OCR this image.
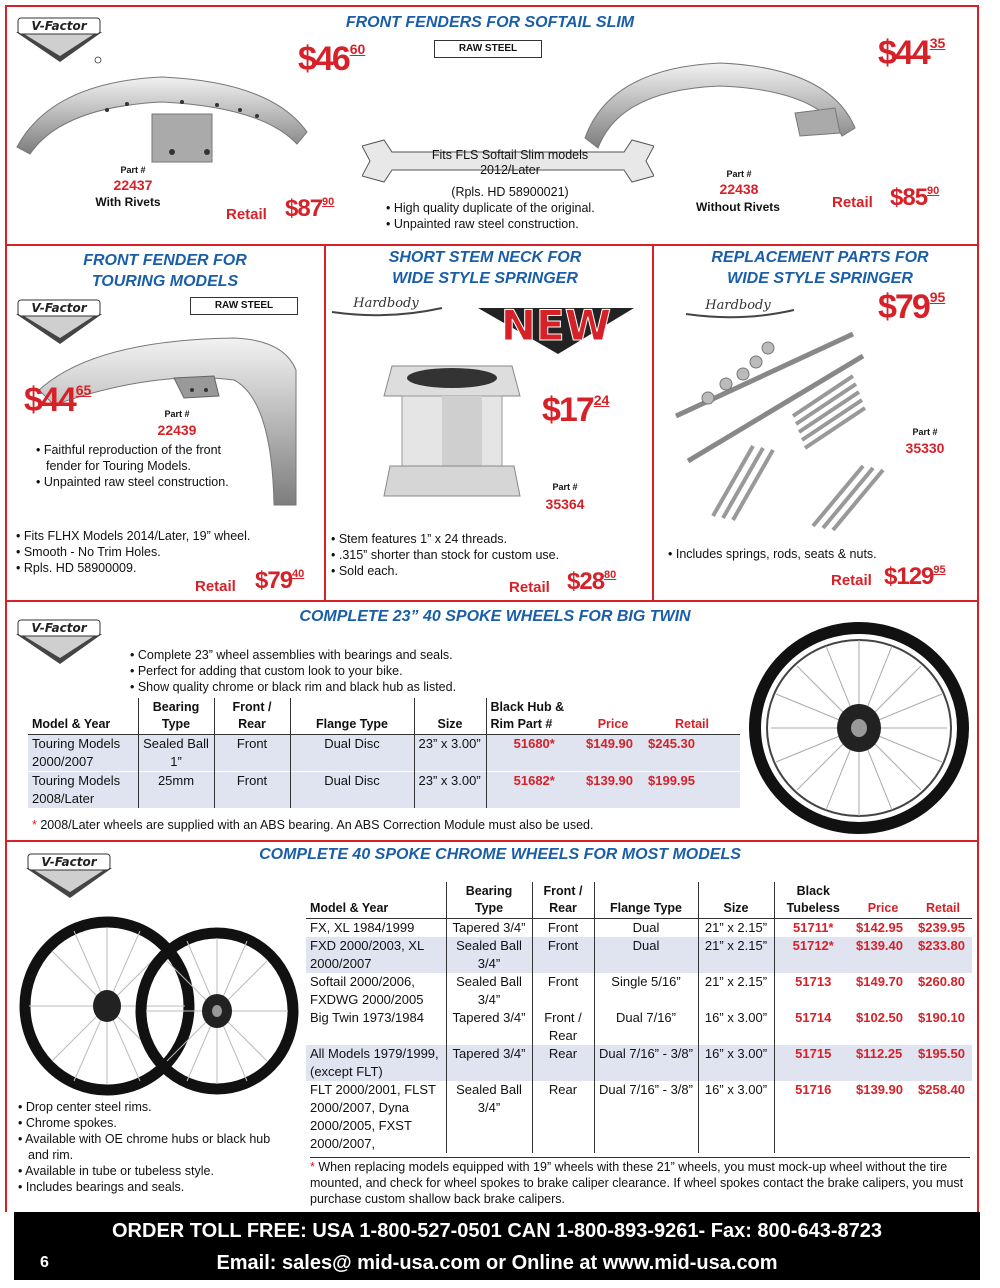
FRONT FENDERS FOR SOFTAIL SLIM
V-Factor
$4660	RAW STEEL	$4435
Part #
22437
With Rivets
Retail $\$87^{90}$
Fits FLS Softail Slim models
2012/Later
(Rpls. HD 58900021)
• High quality duplicate of the original.
• Unpainted raw steel construction.
Part #
22438
Without Rivets	Retail $\$85^{90}$
FRONT FENDER FOR
TOURING MODELS
V-Factor	RAW STEEL
$4465
Part #
22439
• Faithful reproduction of the front fender for Touring Models.
• Unpainted raw steel construction.
• Fits FLHX Models 2014/Later, 19” wheel.
• Smooth - No Trim Holes.
• Rpls. HD 58900009.
Retail $\$79^{40}$
SHORT STEM NECK FOR
WIDE STYLE SPRINGER
Hardbody NEW
$1724
Part #
35364
• Stem features 1” x 24 threads.
• .315” shorter than stock for custom use.
• Sold each.
Retail $\$28^{80}$
REPLACEMENT PARTS FOR
WIDE STYLE SPRINGER
Hardbody	$7995
Part #
35330
• Includes springs, rods, seats & nuts.
Retail $\$129^{95}$
COMPLETE 23” 40 SPOKE WHEELS FOR BIG TWIN
V-Factor
• Complete 23” wheel assemblies with bearings and seals.
• Perfect for adding that custom look to your bike.
• Show quality chrome or black rim and black hub as listed.
Model & Year	Bearing Type	Front / Rear	Flange Type	Size	Black Hub & Rim Part #	Price	Retail
Touring Models 2000/2007	Sealed Ball 1”	Front	Dual Disc	23” x 3.00”	51680*	$149.90	$245.30
Touring Models 2008/Later	25mm	Front	Dual Disc	23” x 3.00”	51682*	$139.90	$199.95
* 2008/Later wheels are supplied with an ABS bearing. An ABS Correction Module must also be used.
COMPLETE 40 SPOKE CHROME WHEELS FOR MOST MODELS
V-Factor
• Drop center steel rims.
• Chrome spokes.
• Available with OE chrome hubs or black hub and rim.
• Available in tube or tubeless style.
• Includes bearings and seals.
Model & Year	Bearing Type	Front / Rear	Flange Type	Size	Black Tubeless	Price	Retail
FX, XL 1984/1999	Tapered 3/4”	Front	Dual	21” x 2.15”	51711*	$142.95	$239.95
FXD 2000/2003, XL 2000/2007	Sealed Ball 3/4”	Front	Dual	21” x 2.15”	51712*	$139.40	$233.80
Softail 2000/2006, FXDWG 2000/2005	Sealed Ball 3/4”	Front	Single 5/16”	21” x 2.15”	51713	$149.70	$260.80
Big Twin 1973/1984	Tapered 3/4”	Front / Rear	Dual 7/16”	16” x 3.00”	51714	$102.50	$190.10
All Models 1979/1999, (except FLT)	Tapered 3/4”	Rear	Dual 7/16” - 3/8”	16” x 3.00”	51715	$112.25	$195.50
FLT 2000/2001, FLST 2000/2007, Dyna 2000/2005, FXST 2000/2007,	Sealed Ball 3/4”	Rear	Dual 7/16” - 3/8”	16” x 3.00”	51716	$139.90	$258.40
* When replacing models equipped with 19” wheels with these 21” wheels, you must mock-up wheel without the tire mounted, and check for wheel spokes to brake caliper clearance. If wheel spokes contact the brake calipers, you must purchase custom shallow back brake calipers.
ORDER TOLL FREE: USA 1-800-527-0501 CAN 1-800-893-9261- Fax: 800-643-8723
Email: sales@ mid-usa.com or Online at www.mid-usa.com
6
